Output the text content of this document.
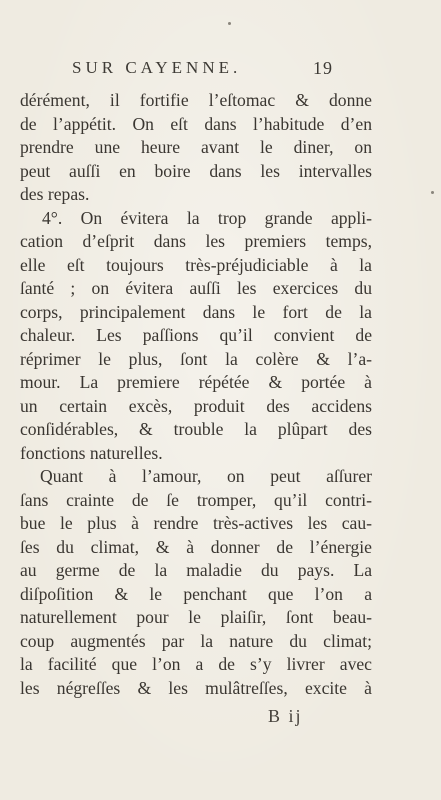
SUR CAYENNE.	19
dérément, il fortifie l’eſtomac & donne
de l’appétit. On eſt dans l’habitude d’en
prendre une heure avant le diner, on
peut auſſi en boire dans les intervalles
des repas.
4°. On évitera la trop grande appli-
cation d’eſprit dans les premiers temps,
elle eſt toujours très-préjudiciable à la
ſanté ; on évitera auſſi les exercices du
corps, principalement dans le fort de la
chaleur. Les paſſions qu’il convient de
réprimer le plus, ſont la colère & l’a-
mour. La premiere répétée & portée à
un certain excès, produit des accidens
conſidérables, & trouble la plûpart des
fonctions naturelles.
Quant à l’amour, on peut aſſurer
ſans crainte de ſe tromper, qu’il contri-
bue le plus à rendre très-actives les cau-
ſes du climat, & à donner de l’énergie
au germe de la maladie du pays. La
diſpoſition & le penchant que l’on a
naturellement pour le plaiſir, ſont beau-
coup augmentés par la nature du climat;
la facilité que l’on a de s’y livrer avec
les négreſſes & les mulâtreſſes, excite à
B ij
